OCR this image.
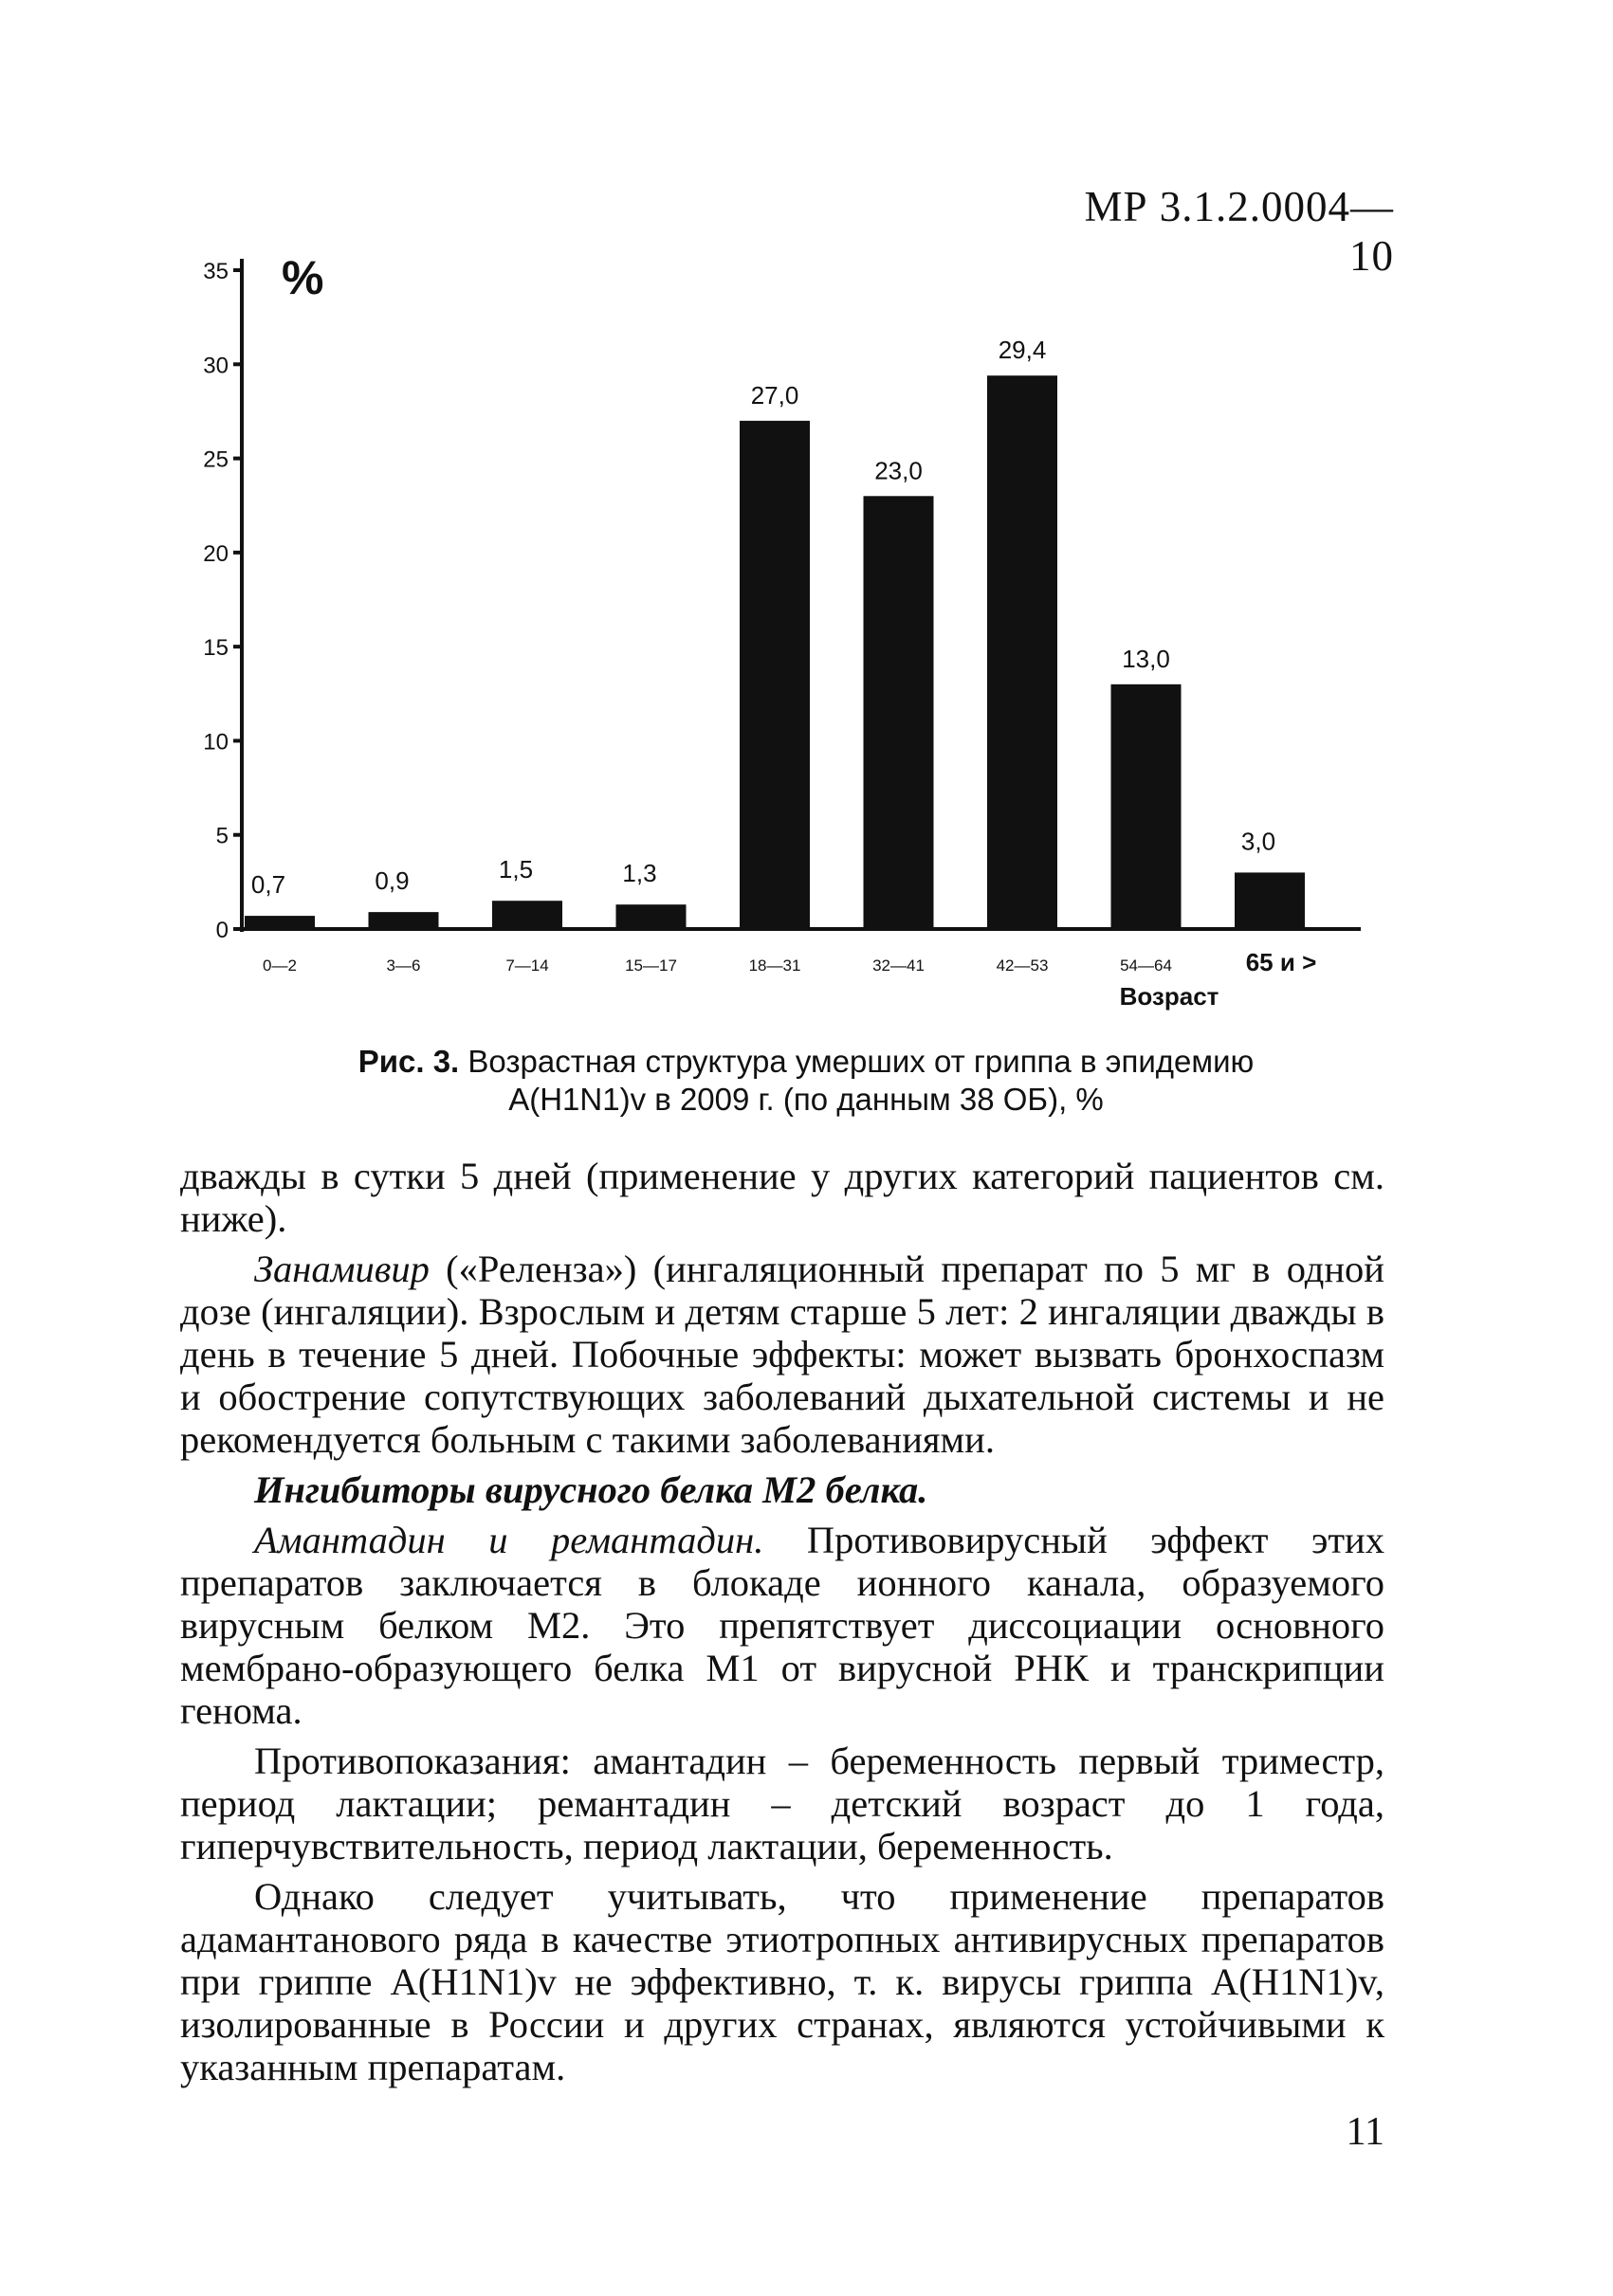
МР 3.1.2.0004—10
0
5
10
15
20
25
30
35 %
0,7	0,9	1,5	1,3
27,0
23,0
29,4
13,0
3,0
0—2	3—6	7—14	15—17	18—31	32—41	42—53	54—64	65 и >
Возраст
Рис. 3. Возрастная структура умерших от гриппа в эпидемию
A(H1N1)v в 2009 г. (по данным 38 ОБ), %

дважды в сутки 5 дней (применение у других категорий пациентов см. ниже).

Занамивир («Реленза») (ингаляционный препарат по 5 мг в одной дозе (ингаляции). Взрослым и детям старше 5 лет: 2 ингаляции дважды в день в течение 5 дней. Побочные эффекты: может вызвать бронхоспазм и обострение сопутствующих заболеваний дыхательной системы и не рекомендуется больным с такими заболеваниями.

Ингибиторы вирусного белка М2 белка.

Амантадин и ремантадин. Противовирусный эффект этих препаратов заключается в блокаде ионного канала, образуемого вирусным белком М2. Это препятствует диссоциации основного мембрано-образующего белка М1 от вирусной РНК и транскрипции генома.

Противопоказания: амантадин – беременность первый триместр, период лактации; ремантадин – детский возраст до 1 года, гиперчувствительность, период лактации, беременность.

Однако следует учитывать, что применение препаратов адамантанового ряда в качестве этиотропных антивирусных препаратов при гриппе A(H1N1)v не эффективно, т. к. вирусы гриппа A(H1N1)v, изолированные в России и других странах, являются устойчивыми к указанным препаратам.

11
